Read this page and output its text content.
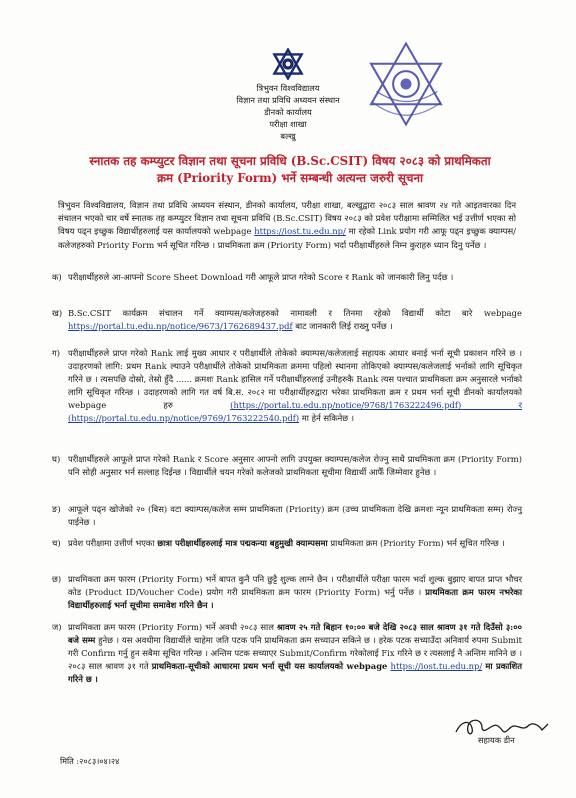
त्रिभुवन विश्वविद्यालय
विज्ञान तथा प्रविधि अध्ययन संस्थान
डीनको कार्यालय
परीक्षा शाखा
बल्खु
स्नातक तह कम्प्युटर विज्ञान तथा सूचना प्रविधि (B.Sc.CSIT) विषय २०८३ को प्राथमिकता
क्रम (Priority Form) भर्ने सम्बन्धी अत्यन्त जरुरी सूचना
त्रिभुवन विश्वविद्यालय, विज्ञान तथा प्रविधि अध्ययन संस्थान, डीनको कार्यालय, परीक्षा शाखा, बल्खुद्वारा २०८३ साल श्रावण २४ गते आइतवारका दिन संचालन भएको चार वर्षे स्नातक तह कम्प्युटर विज्ञान तथा सूचना प्रविधि (B.Sc.CSIT) विषय २०८३ को प्रवेश परीक्षामा सम्मिलित भई उत्तीर्ण भएका सो विषय पढ्न इच्छुक विद्यार्थीहरुलाई यस कार्यालयको webpage https://iost.tu.edu.np/ मा रहेको Link प्रयोग गरी आफू पढ्न इच्छुक क्याम्पस/कलेजहरुको Priority Form भर्न सूचित गरिन्छ । प्राथमिकता क्रम (Priority Form) भर्दा परीक्षार्थीहरुले निम्न कुराहरु ध्यान दिनु पर्नेछ ।
क) परीक्षार्थीहरुले आ-आफ्नो Score Sheet Download गरी आफूले प्राप्त गरेको Score र Rank को जानकारी लिनु पर्दछ ।
ख) B.Sc.CSIT कार्यक्रम संचालन गर्ने क्याम्पस/कलेजहरुको नामावली र तिनमा रहेको विद्यार्थी कोटा बारे webpage https://portal.tu.edu.np/notice/9673/1762689437.pdf बाट जानकारी लिई राख्नु पर्नेछ ।
ग) परीक्षार्थीहरुले प्राप्त गरेको Rank लाई मुख्य आधार र परीक्षार्थीले तोकेको क्याम्पस/कलेजलाई सहायक आधार बनाई भर्ना सूची प्रकाशन गरिने छ । उदाहरणको लागि: प्रथम Rank ल्याउने परीक्षार्थीले तोकेको प्राथमिकता क्रममा पहिलो स्थानमा तोकिएको क्याम्पस/कलेजलाई भर्नाको लागि सूचिकृत गरिने छ । त्यसपछि दोस्रो, तेस्रो हुँदै ...... क्रमशः Rank हासिल गर्ने परीक्षार्थीहरुलाई उनीहरुकै Rank त्यस पश्चात प्राथमिकता क्रम अनुसारले भर्नाको लागि सूचिकृत गरिन्छ । उदाहरणको लागि गत वर्ष बि.स. २०८२ मा परीक्षार्थीहरुद्वारा भरेका प्राथमिकता क्रम र प्रथम भर्ना सूची डीनको कार्यालयको webpage हरु	(https://portal.tu.edu.np/notice/9768/1763222496.pdf) र (https://portal.tu.edu.np/notice/9769/1763222540.pdf) मा हेर्न सकिनेछ ।
घ) परीक्षार्थीहरुले आफूले प्राप्त गरेको Rank र Score अनुसार आफ्नो लागि उपयुक्त क्याम्पस/कलेज रोज्नु साथै प्राथमिकता क्रम (Priority Form) पनि सोही अनुसार भर्न सल्लाह दिईन्छ । विद्यार्थीले चयन गरेको कलेजको प्राथमिकता सूचीमा विद्यार्थी आफैँ जिम्मेवार हुनेछ ।
ङ) आफूले पढ्न खोजेको २० (बिस) वटा क्याम्पस/कलेज सम्म प्राथमिकता (Priority) क्रम (उच्च प्राथमिकता देखि क्रमशः न्यून प्राथमिकता सम्म) रोज्नु पाईनेछ ।
च) प्रवेश परीक्षामा उत्तीर्ण भएका छात्रा परीक्षार्थीहरुलाई मात्र पद्मकन्या बहुमुखी क्याम्पसमा प्राथमिकता क्रम (Priority Form) भर्न सूचित गरिन्छ ।
छ) प्राथमिकता क्रम फारम (Priority Form) भर्ने बापत कुनै पनि छुट्टै शुल्क लाग्ने छैन । परीक्षार्थीले परीक्षा फारम भर्दा शुल्क बुझाए बापत प्राप्त भौचर कोड (Product ID/Voucher Code) प्रयोग गरी प्राथमिकता क्रम फारम (Priority Form) भर्नु पर्नेछ । प्राथमिकता क्रम फारम नभरेका विद्यार्थीहरुलाई भर्ना सूचीमा समावेश गरिने छैन ।
ज) प्राथमिकता क्रम फारम (Priority Form) भर्ने अवधी २०८३ साल श्रावण २५ गते बिहान १०:०० बजे देखि २०८३ साल श्रावण ३१ गते दिउँसो ३:०० बजे सम्म हुनेछ । यस अवधीमा विद्यार्थीले चाहेमा जति पटक पनि प्राथमिकता क्रम सच्याउन सकिने छ । हरेक पटक सच्याउँदा अनिवार्य रुपमा Submit गरी Confirm गर्नु हुन सबैमा सूचित गरिन्छ । अन्तिम पटक सच्याएर Submit/Confirm गरेकोलाई Fix गरिने छ र त्यसलाई नै अन्तिम मानिने छ । २०८३ साल श्रावण ३१ गते प्राथमिकता-सूचीको आधारमा प्रथम भर्ना सूची यस कार्यालयको webpage https://iost.tu.edu.np/ मा प्रकाशित गरिने छ ।
सहायक डीन
मिति :२०८३।०४।२४
